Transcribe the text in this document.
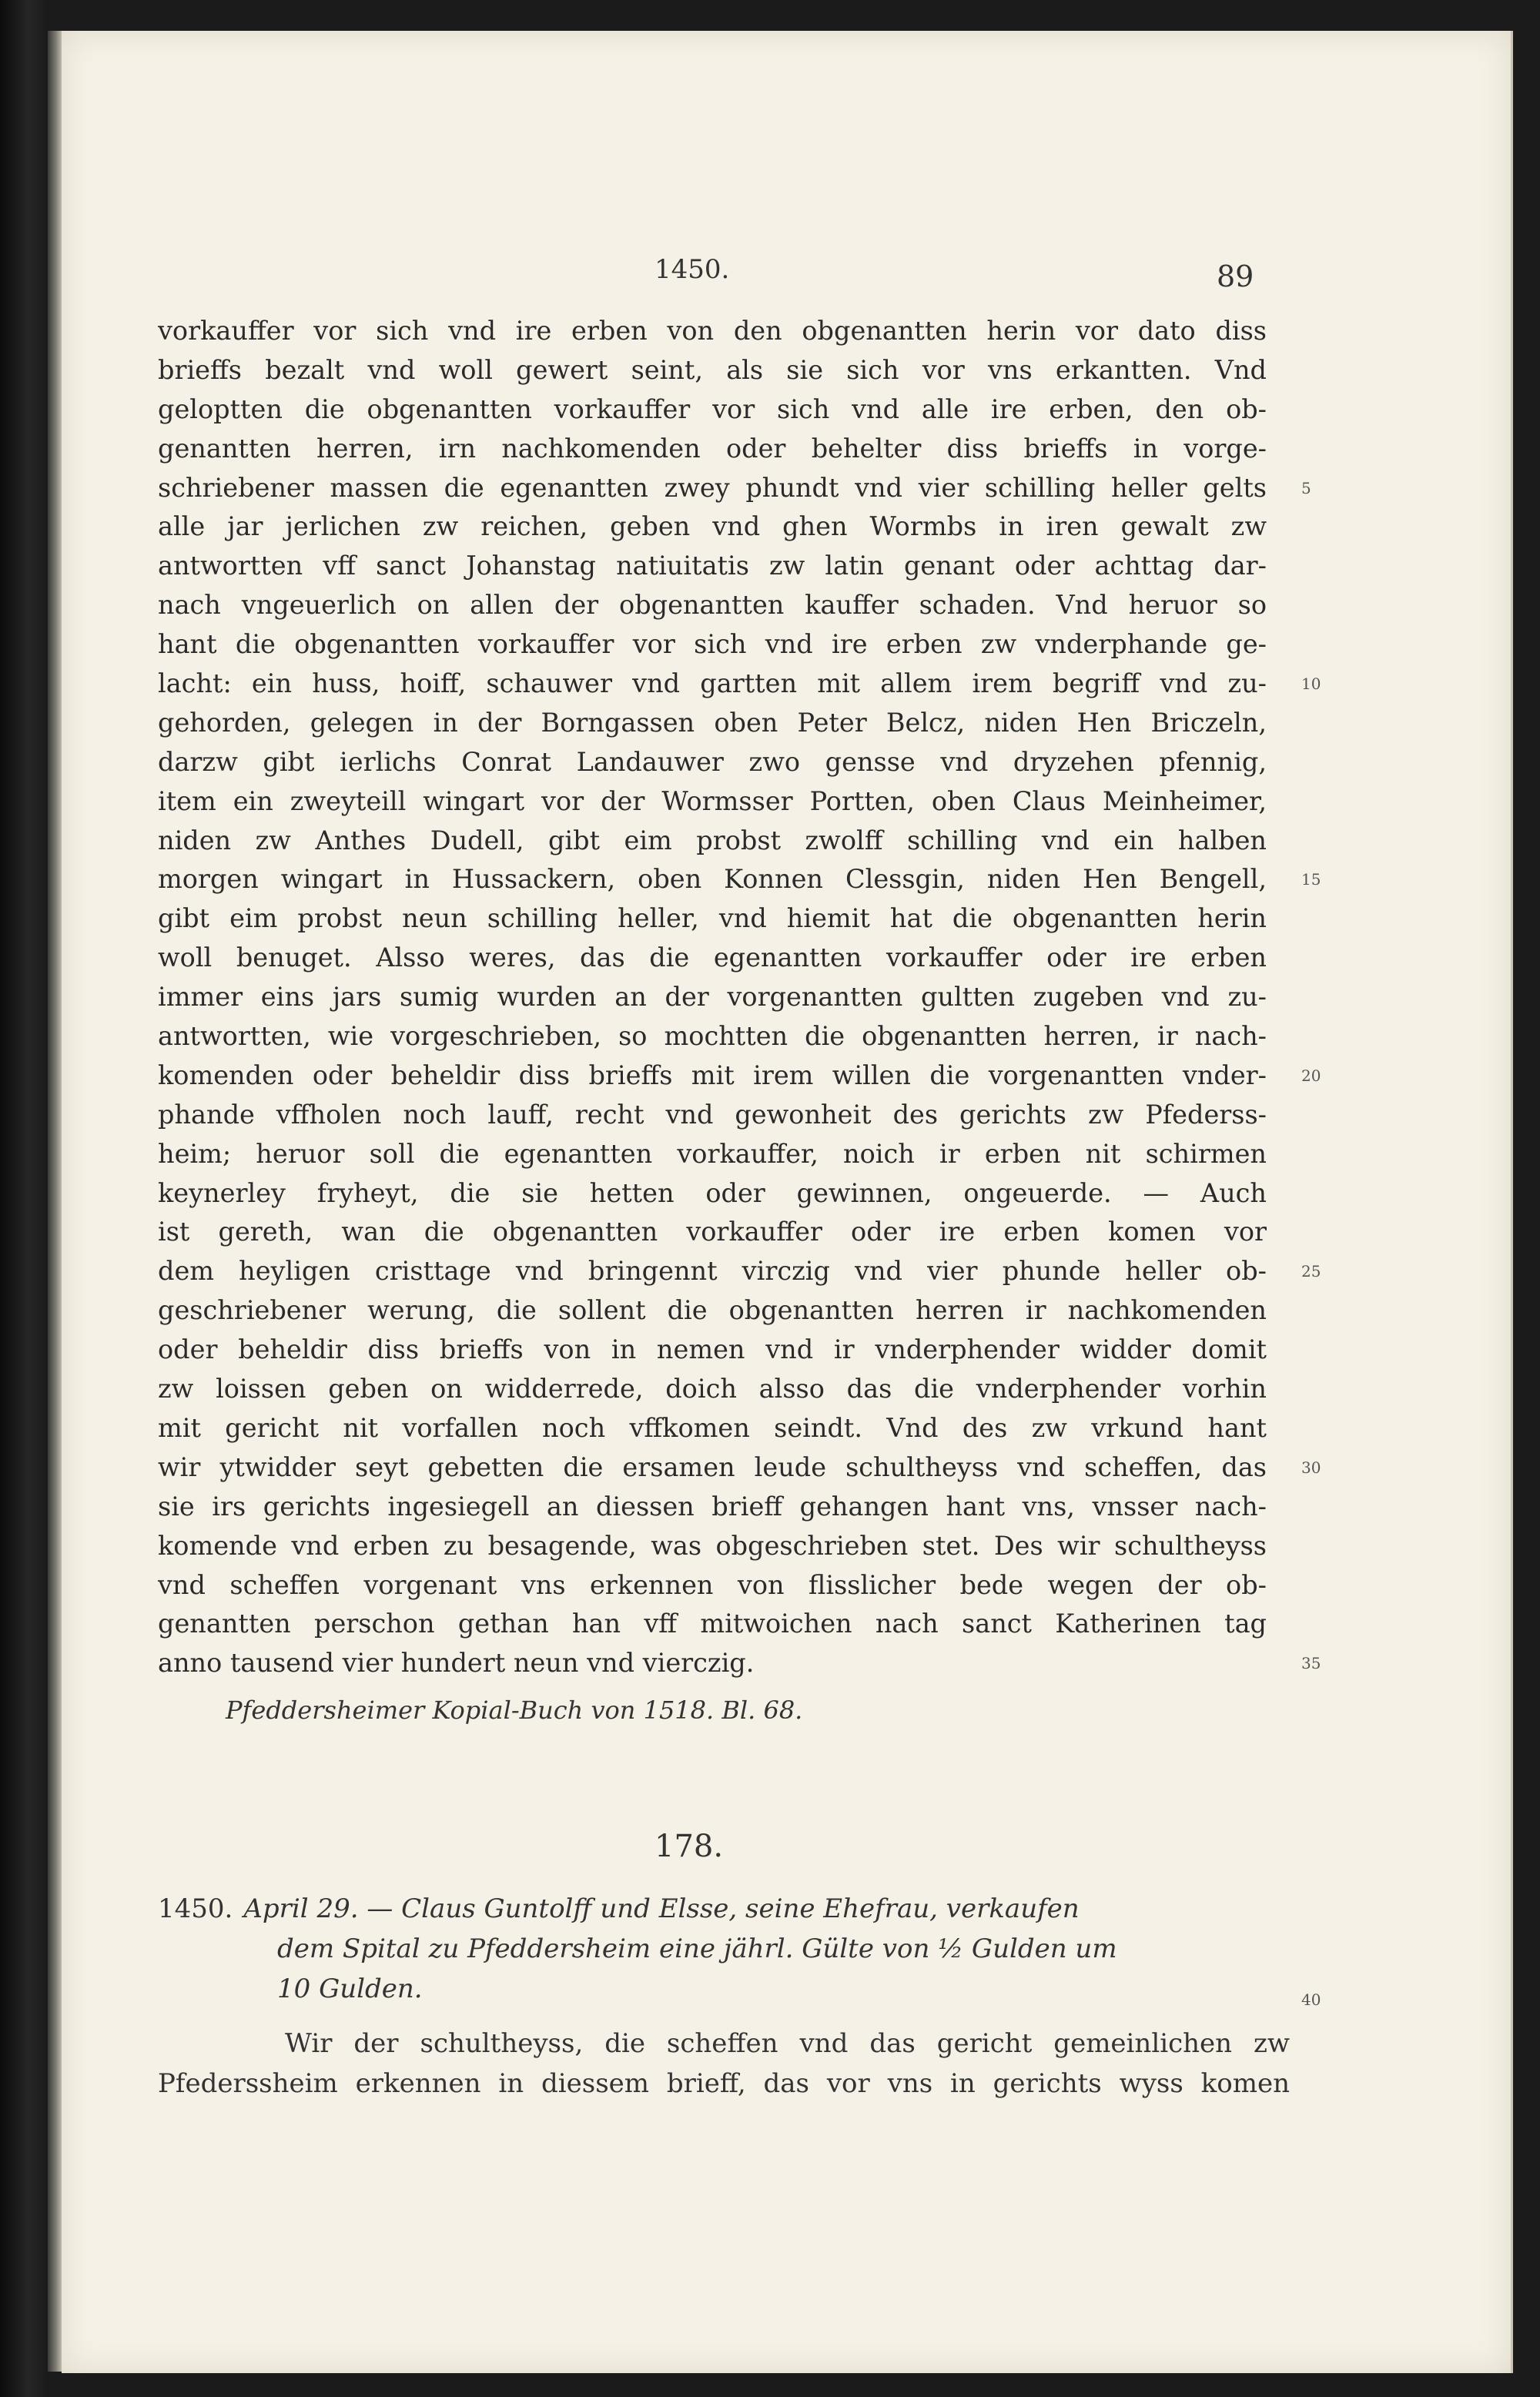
1450.	89
vorkauffer vor sich vnd ire erben von den obgenantten herin vor dato diss
brieffs bezalt vnd woll gewert seint, als sie sich vor vns erkantten. Vnd
geloptten die obgenantten vorkauffer vor sich vnd alle ire erben, den ob-
genantten herren, irn nachkomenden oder behelter diss brieffs in vorge-
schriebener massen die egenantten zwey phundt vnd vier schilling heller gelts 5
alle jar jerlichen zw reichen, geben vnd ghen Wormbs in iren gewalt zw
antwortten vff sanct Johanstag natiuitatis zw latin genant oder achttag dar-
nach vngeuerlich on allen der obgenantten kauffer schaden. Vnd heruor so
hant die obgenantten vorkauffer vor sich vnd ire erben zw vnderphande ge-
lacht: ein huss, hoiff, schauwer vnd gartten mit allem irem begriff vnd zu- 10
gehorden, gelegen in der Borngassen oben Peter Belcz, niden Hen Briczeln,
darzw gibt ierlichs Conrat Landauwer zwo gensse vnd dryzehen pfennig,
item ein zweyteill wingart vor der Wormsser Portten, oben Claus Meinheimer,
niden zw Anthes Dudell, gibt eim probst zwolff schilling vnd ein halben
morgen wingart in Hussackern, oben Konnen Clessgin, niden Hen Bengell, 15
gibt eim probst neun schilling heller, vnd hiemit hat die obgenantten herin
woll benuget. Alsso weres, das die egenantten vorkauffer oder ire erben
immer eins jars sumig wurden an der vorgenantten gultten zugeben vnd zu-
antwortten, wie vorgeschrieben, so mochtten die obgenantten herren, ir nach-
komenden oder beheldir diss brieffs mit irem willen die vorgenantten vnder- 20
phande vffholen noch lauff, recht vnd gewonheit des gerichts zw Pfederss-
heim; heruor soll die egenantten vorkauffer, noich ir erben nit schirmen
keynerley fryheyt, die sie hetten oder gewinnen, ongeuerde. — Auch
ist gereth, wan die obgenantten vorkauffer oder ire erben komen vor
dem heyligen cristtage vnd bringennt virczig vnd vier phunde heller ob- 25
geschriebener werung, die sollent die obgenantten herren ir nachkomenden
oder beheldir diss brieffs von in nemen vnd ir vnderphender widder domit
zw loissen geben on widderrede, doich alsso das die vnderphender vorhin
mit gericht nit vorfallen noch vffkomen seindt. Vnd des zw vrkund hant
wir ytwidder seyt gebetten die ersamen leude schultheyss vnd scheffen, das 30
sie irs gerichts ingesiegell an diessen brieff gehangen hant vns, vnsser nach-
komende vnd erben zu besagende, was obgeschrieben stet. Des wir schultheyss
vnd scheffen vorgenant vns erkennen von flisslicher bede wegen der ob-
genantten perschon gethan han vff mitwoichen nach sanct Katherinen tag
anno tausend vier hundert neun vnd vierczig.	35
Pfeddersheimer Kopial-Buch von 1518. Bl. 68.
178.
1450. April 29. — Claus Guntolff und Elsse, seine Ehefrau, verkaufen
dem Spital zu Pfeddersheim eine jährl. Gülte von ½ Gulden um
10 Gulden.	40
Wir der schultheyss, die scheffen vnd das gericht gemeinlichen zw
Pfederssheim erkennen in diessem brieff, das vor vns in gerichts wyss komen
